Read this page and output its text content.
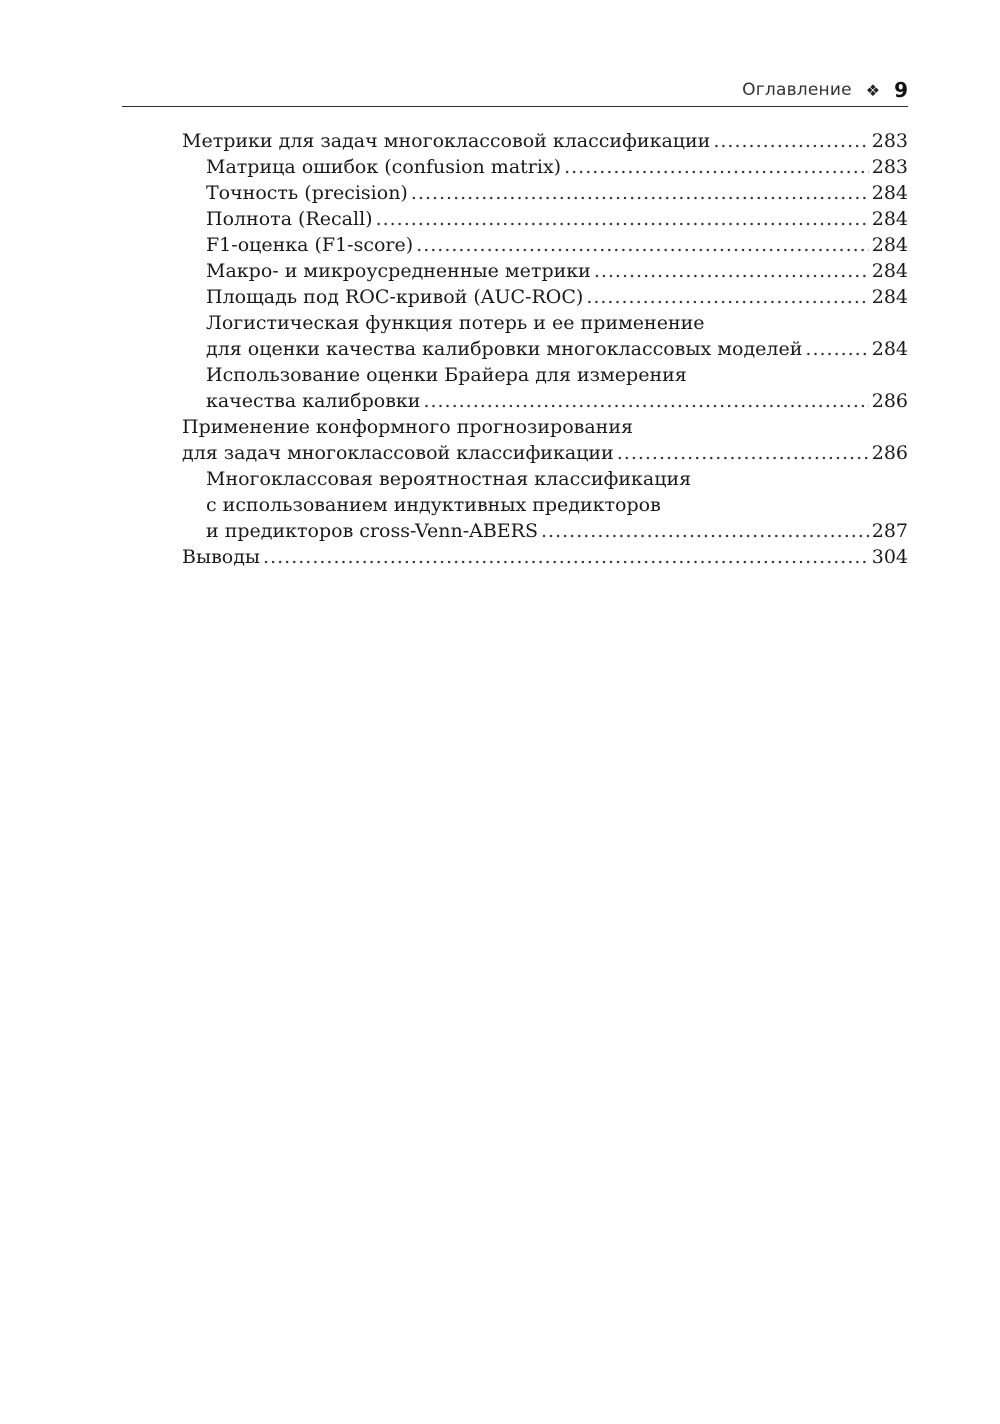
Оглавление ❖ 9
Метрики для задач многоклассовой классификации .....	283
Матрица ошибок (confusion matrix) .....	283
Точность (precision) .....	284
Полнота (Recall) .....	284
F1-оценка (F1-score) .....	284
Макро- и микроусредненные метрики .....	284
Площадь под ROC-кривой (AUC-ROC) .....	284
Логистическая функция потерь и ее применение
для оценки качества калибровки многоклассовых моделей .....	284
Использование оценки Брайера для измерения
качества калибровки .....	286
Применение конформного прогнозирования
для задач многоклассовой классификации .....	286
Многоклассовая вероятностная классификация
с использованием индуктивных предикторов
и предикторов cross-Venn-ABERS .....	287
Выводы .....	304
